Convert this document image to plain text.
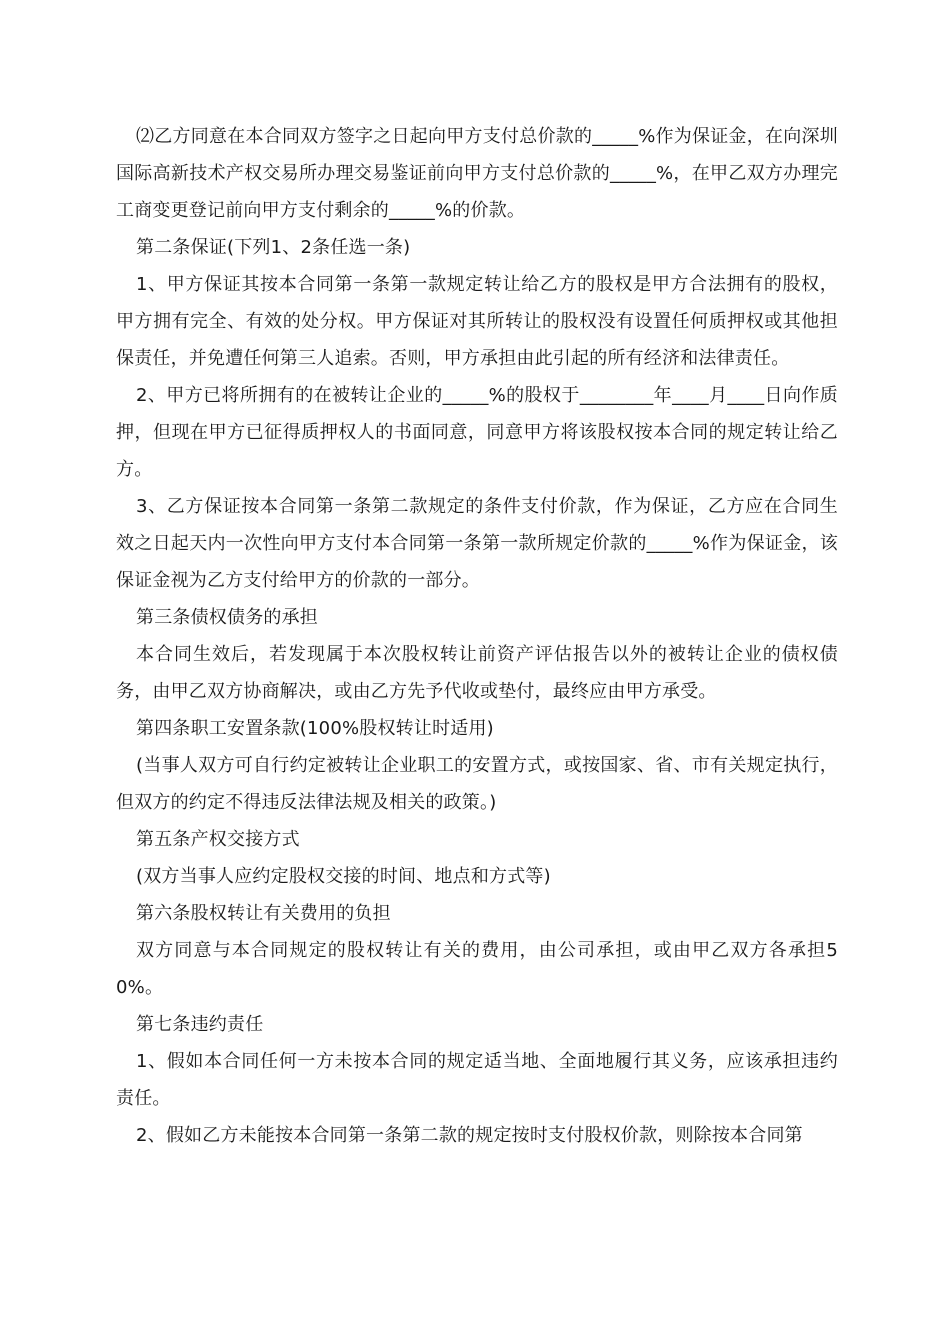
⑵乙方同意在本合同双方签字之日起向甲方支付总价款的_____%作为保证金，在向深圳国际高新技术产权交易所办理交易鉴证前向甲方支付总价款的_____%，在甲乙双方办理完工商变更登记前向甲方支付剩余的_____%的价款。

第二条保证(下列1、2条任选一条)

1、甲方保证其按本合同第一条第一款规定转让给乙方的股权是甲方合法拥有的股权，甲方拥有完全、有效的处分权。甲方保证对其所转让的股权没有设置任何质押权或其他担保责任，并免遭任何第三人追索。否则，甲方承担由此引起的所有经济和法律责任。

2、甲方已将所拥有的在被转让企业的_____%的股权于________年____月____日向作质押，但现在甲方已征得质押权人的书面同意，同意甲方将该股权按本合同的规定转让给乙方。

3、乙方保证按本合同第一条第二款规定的条件支付价款，作为保证，乙方应在合同生效之日起天内一次性向甲方支付本合同第一条第一款所规定价款的_____%作为保证金，该保证金视为乙方支付给甲方的价款的一部分。

第三条债权债务的承担

本合同生效后，若发现属于本次股权转让前资产评估报告以外的被转让企业的债权债务，由甲乙双方协商解决，或由乙方先予代收或垫付，最终应由甲方承受。

第四条职工安置条款(100%股权转让时适用)

(当事人双方可自行约定被转让企业职工的安置方式，或按国家、省、市有关规定执行，但双方的约定不得违反法律法规及相关的政策。)

第五条产权交接方式

(双方当事人应约定股权交接的时间、地点和方式等)

第六条股权转让有关费用的负担

双方同意与本合同规定的股权转让有关的费用，由公司承担，或由甲乙双方各承担50%。

第七条违约责任

1、假如本合同任何一方未按本合同的规定适当地、全面地履行其义务，应该承担违约责任。

2、假如乙方未能按本合同第一条第二款的规定按时支付股权价款，则除按本合同第
